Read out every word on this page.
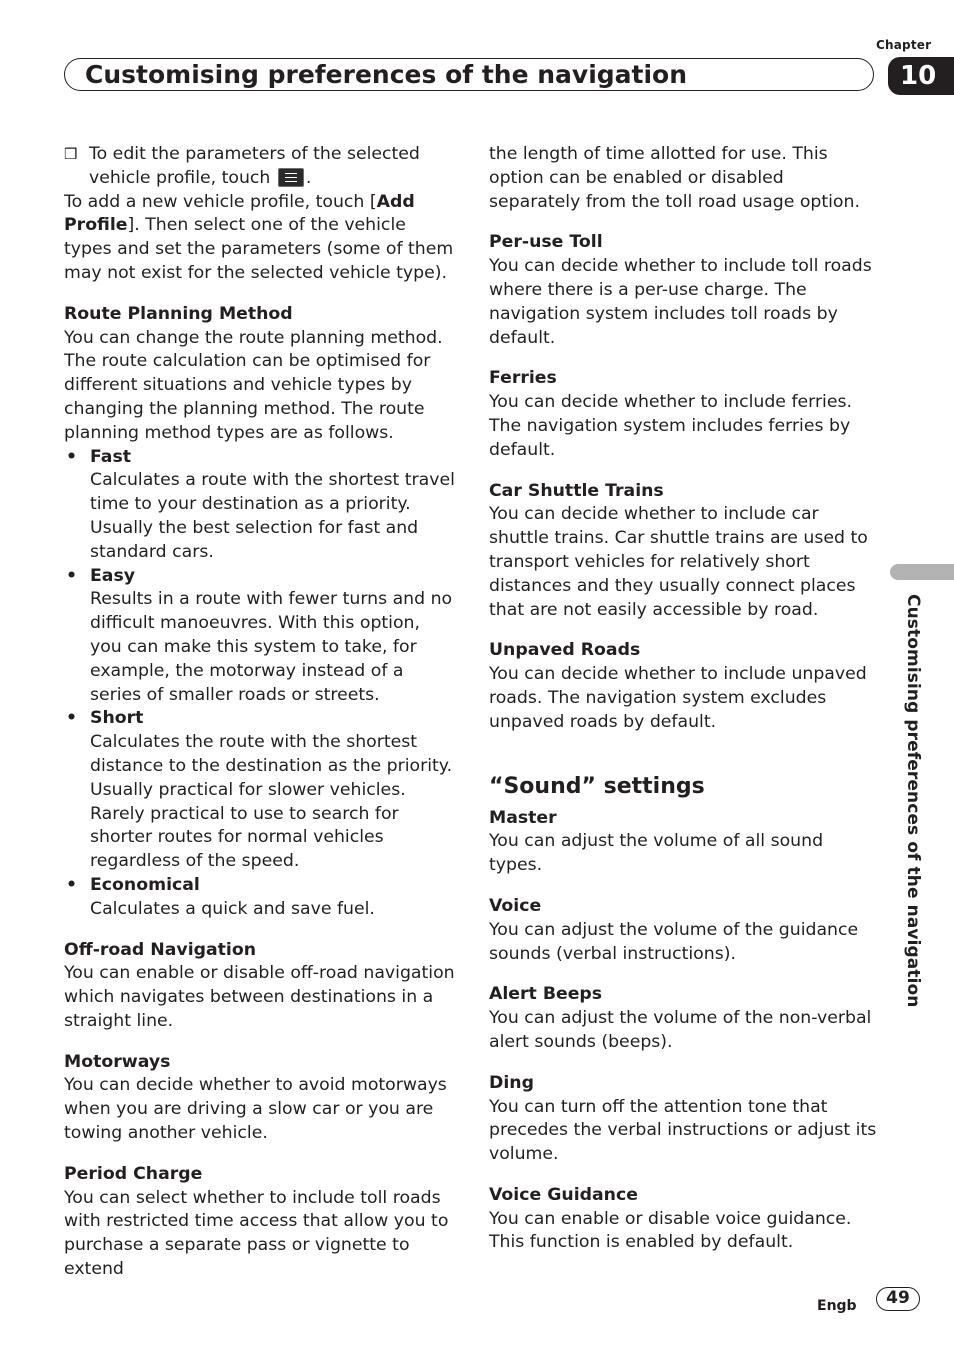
Chapter
Customising preferences of the navigation	10
Customising preferences of the navigation
❒ To edit the parameters of the selected vehicle profile, touch .

To add a new vehicle profile, touch [Add Profile]. Then select one of the vehicle types and set the parameters (some of them may not exist for the selected vehicle type).

Route Planning Method

You can change the route planning method. The route calculation can be optimised for different situations and vehicle types by changing the planning method. The route planning method types are as follows.

• Fast
Calculates a route with the shortest travel time to your destination as a priority. Usually the best selection for fast and standard cars.
• Easy
Results in a route with fewer turns and no difficult manoeuvres. With this option, you can make this system to take, for example, the motorway instead of a series of smaller roads or streets.
• Short
Calculates the route with the shortest distance to the destination as the priority. Usually practical for slower vehicles. Rarely practical to use to search for shorter routes for normal vehicles regardless of the speed.
• Economical
Calculates a quick and save fuel.
Off-road Navigation

You can enable or disable off-road navigation which navigates between destinations in a straight line.

Motorways

You can decide whether to avoid motorways when you are driving a slow car or you are towing another vehicle.

Period Charge

You can select whether to include toll roads with restricted time access that allow you to purchase a separate pass or vignette to extend

the length of time allotted for use. This option can be enabled or disabled separately from the toll road usage option.

Per-use Toll

You can decide whether to include toll roads where there is a per-use charge. The navigation system includes toll roads by default.

Ferries

You can decide whether to include ferries. The navigation system includes ferries by default.

Car Shuttle Trains

You can decide whether to include car shuttle trains. Car shuttle trains are used to transport vehicles for relatively short distances and they usually connect places that are not easily accessible by road.

Unpaved Roads

You can decide whether to include unpaved roads. The navigation system excludes unpaved roads by default.

“Sound” settings
Master

You can adjust the volume of all sound types.

Voice

You can adjust the volume of the guidance sounds (verbal instructions).

Alert Beeps

You can adjust the volume of the non-verbal alert sounds (beeps).

Ding

You can turn off the attention tone that precedes the verbal instructions or adjust its volume.

Voice Guidance

You can enable or disable voice guidance. This function is enabled by default.

Engb	49
